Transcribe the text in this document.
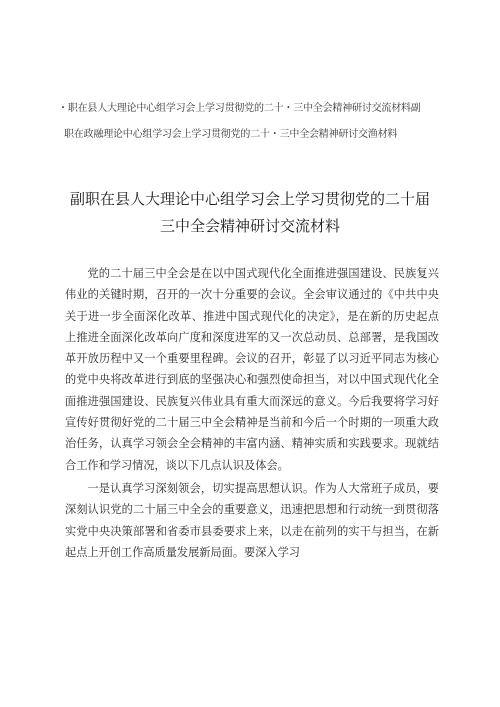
・职在县人大理论中心组学习会上学习贯彻党的二十・三中全会精神研讨交流材料副
职在政融理论中心组学习会上学习贯彻党的二十・三中全会精神研讨交渔材料
副职在县人大理论中心组学习会上学习贯彻党的二十届
三中全会精神研讨交流材料

党的二十届三中全会是在以中国式现代化全面推进强国建设、民族复兴伟业的关键时期，召开的一次十分重要的会议。全会审议通过的《中共中央关于进一步全面深化改革、推进中国式现代化的决定》，是在新的历史起点上推进全面深化改革向广度和深度进军的又一次总动员、总部署，是我国改革开放历程中又一个重要里程碑。会议的召开，彰显了以习近平同志为核心的党中央将改革进行到底的坚强决心和强烈使命担当，对以中国式现代化全面推进强国建设、民族复兴伟业具有重大而深远的意义。今后我要将学习好宣传好贯彻好党的二十届三中全会精神是当前和今后一个时期的一项重大政治任务，认真学习领会全会精神的丰富内涵、精神实质和实践要求。现就结合工作和学习情况，谈以下几点认识及体会。

一是认真学习深刻领会，切实提高思想认识。作为人大常班子成员，要深刻认识党的二十届三中全会的重要意义，迅速把思想和行动统一到贯彻落实党中央决策部署和省委市县委要求上来，以走在前列的实干与担当，在新起点上开创工作高质量发展新局面。要深入学习
